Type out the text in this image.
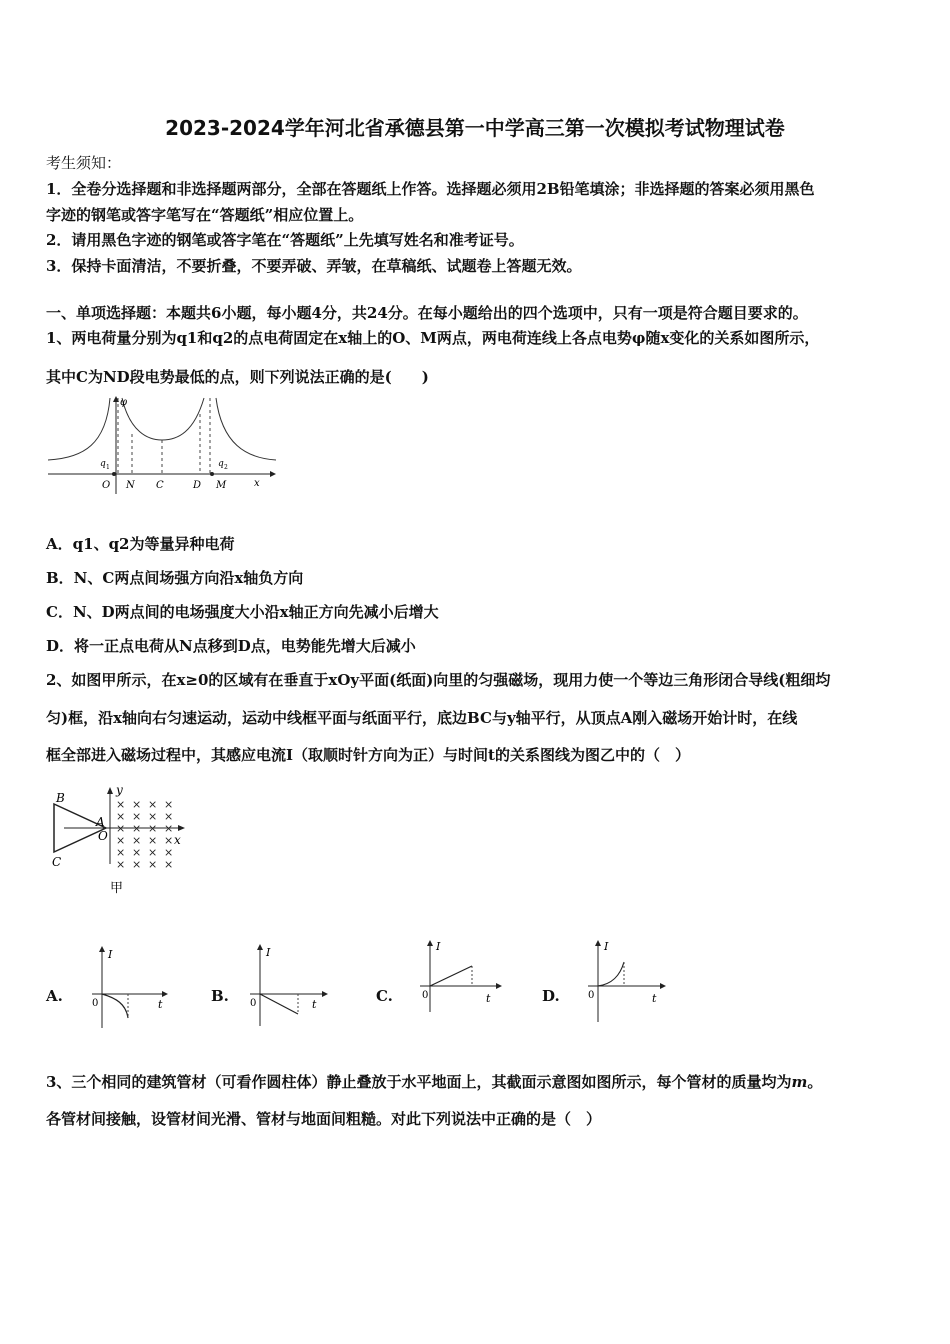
2023-2024学年河北省承德县第一中学高三第一次模拟考试物理试卷
考生须知：
1．全卷分选择题和非选择题两部分，全部在答题纸上作答。选择题必须用2B铅笔填涂；非选择题的答案必须用黑色
字迹的钢笔或答字笔写在“答题纸”相应位置上。
2．请用黑色字迹的钢笔或答字笔在“答题纸”上先填写姓名和准考证号。
3．保持卡面清洁，不要折叠，不要弄破、弄皱，在草稿纸、试题卷上答题无效。
一、单项选择题：本题共6小题，每小题4分，共24分。在每小题给出的四个选项中，只有一项是符合题目要求的。
1、两电荷量分别为q1和q2的点电荷固定在x轴上的O、M两点，两电荷连线上各点电势φ随x变化的关系如图所示，
其中C为ND段电势最低的点，则下列说法正确的是(　　)
φ
q 1	q 2
O N C	D M	x
A．q1、q2为等量异种电荷
B．N、C两点间场强方向沿x轴负方向
C．N、D两点间的电场强度大小沿x轴正方向先减小后增大
D．将一正点电荷从N点移到D点，电势能先增大后减小
2、如图甲所示，在x≥0的区域有在垂直于xOy平面(纸面)向里的匀强磁场，现用力使一个等边三角形闭合导线(粗细均
匀)框，沿x轴向右匀速运动，运动中线框平面与纸面平行，底边BC与y轴平行，从顶点A刚入磁场开始计时，在线
框全部进入磁场过程中，其感应电流I（取顺时针方向为正）与时间t的关系图线为图乙中的（　）
× × × ×
× × × ×
× × × ×
× × × ×
× × × ×
× × × ×
B
A
C
O
y
x
甲
A.
I
0	t	B.
I
0	t	C.
I
0	t	D.
I
0	t
3、三个相同的建筑管材（可看作圆柱体）静止叠放于水平地面上，其截面示意图如图所示，每个管材的质量均为m。
各管材间接触，设管材间光滑、管材与地面间粗糙。对此下列说法中正确的是（　）
